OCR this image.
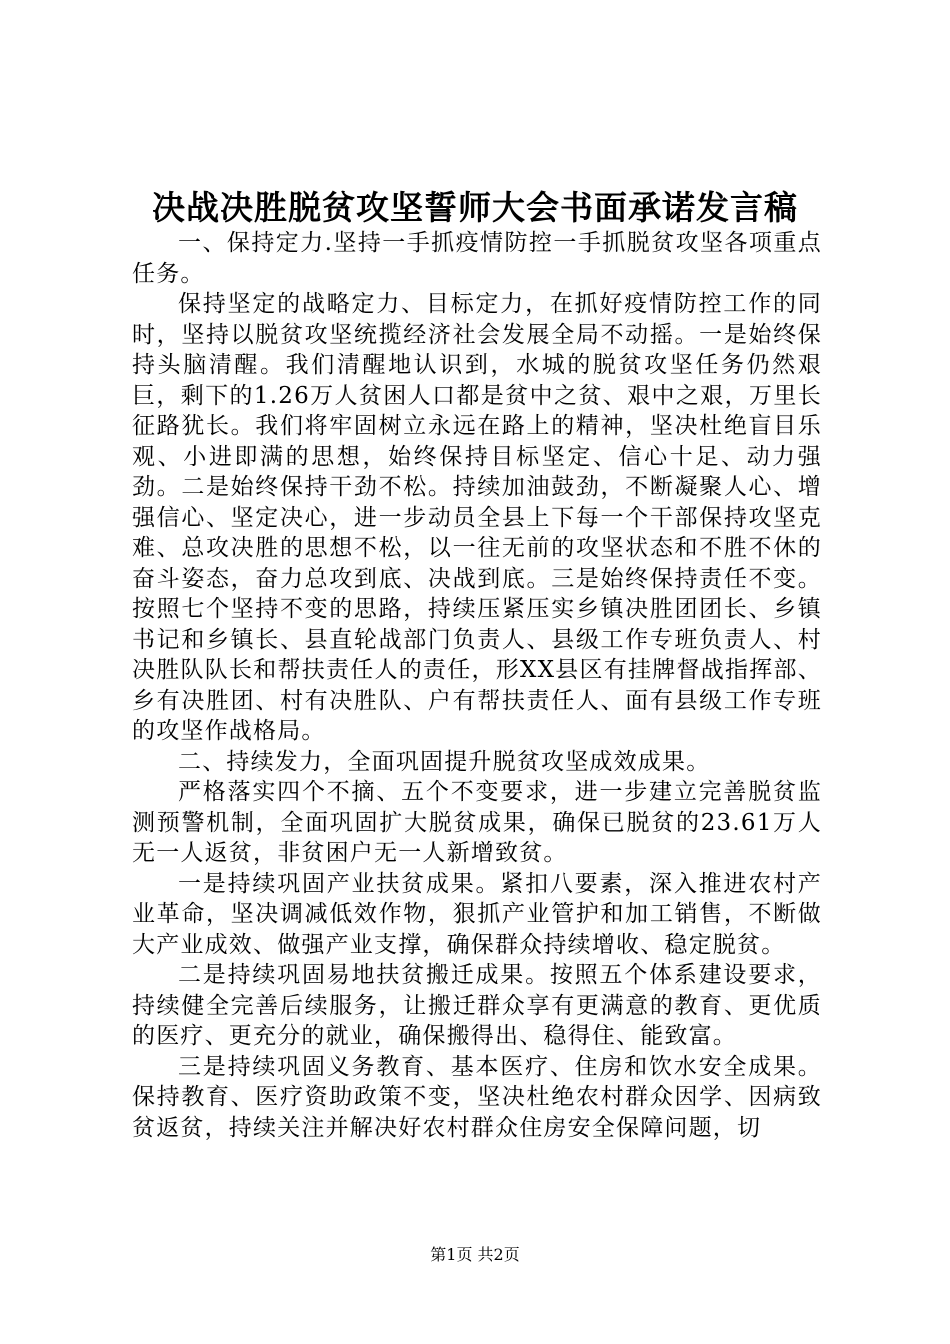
决战决胜脱贫攻坚誓师大会书面承诺发言稿

一、保持定力.坚持一手抓疫情防控一手抓脱贫攻坚各项重点任务。

保持坚定的战略定力、目标定力，在抓好疫情防控工作的同时，坚持以脱贫攻坚统揽经济社会发展全局不动摇。一是始终保持头脑清醒。我们清醒地认识到，水城的脱贫攻坚任务仍然艰巨，剩下的1.26万人贫困人口都是贫中之贫、艰中之艰，万里长征路犹长。我们将牢固树立永远在路上的精神，坚决杜绝盲目乐观、小进即满的思想，始终保持目标坚定、信心十足、动力强劲。二是始终保持干劲不松。持续加油鼓劲，不断凝聚人心、增强信心、坚定决心，进一步动员全县上下每一个干部保持攻坚克难、总攻决胜的思想不松，以一往无前的攻坚状态和不胜不休的奋斗姿态，奋力总攻到底、决战到底。三是始终保持责任不变。按照七个坚持不变的思路，持续压紧压实乡镇决胜团团长、乡镇书记和乡镇长、县直轮战部门负责人、县级工作专班负责人、村决胜队队长和帮扶责任人的责任，形XX县区有挂牌督战指挥部、乡有决胜团、村有决胜队、户有帮扶责任人、面有县级工作专班的攻坚作战格局。

二、持续发力，全面巩固提升脱贫攻坚成效成果。

严格落实四个不摘、五个不变要求，进一步建立完善脱贫监测预警机制，全面巩固扩大脱贫成果，确保已脱贫的23.61万人无一人返贫，非贫困户无一人新增致贫。

一是持续巩固产业扶贫成果。紧扣八要素，深入推进农村产业革命，坚决调减低效作物，狠抓产业管护和加工销售，不断做大产业成效、做强产业支撑，确保群众持续增收、稳定脱贫。

二是持续巩固易地扶贫搬迁成果。按照五个体系建设要求，持续健全完善后续服务，让搬迁群众享有更满意的教育、更优质的医疗、更充分的就业，确保搬得出、稳得住、能致富。

三是持续巩固义务教育、基本医疗、住房和饮水安全成果。保持教育、医疗资助政策不变，坚决杜绝农村群众因学、因病致贫返贫，持续关注并解决好农村群众住房安全保障问题，切

第1页 共2页
